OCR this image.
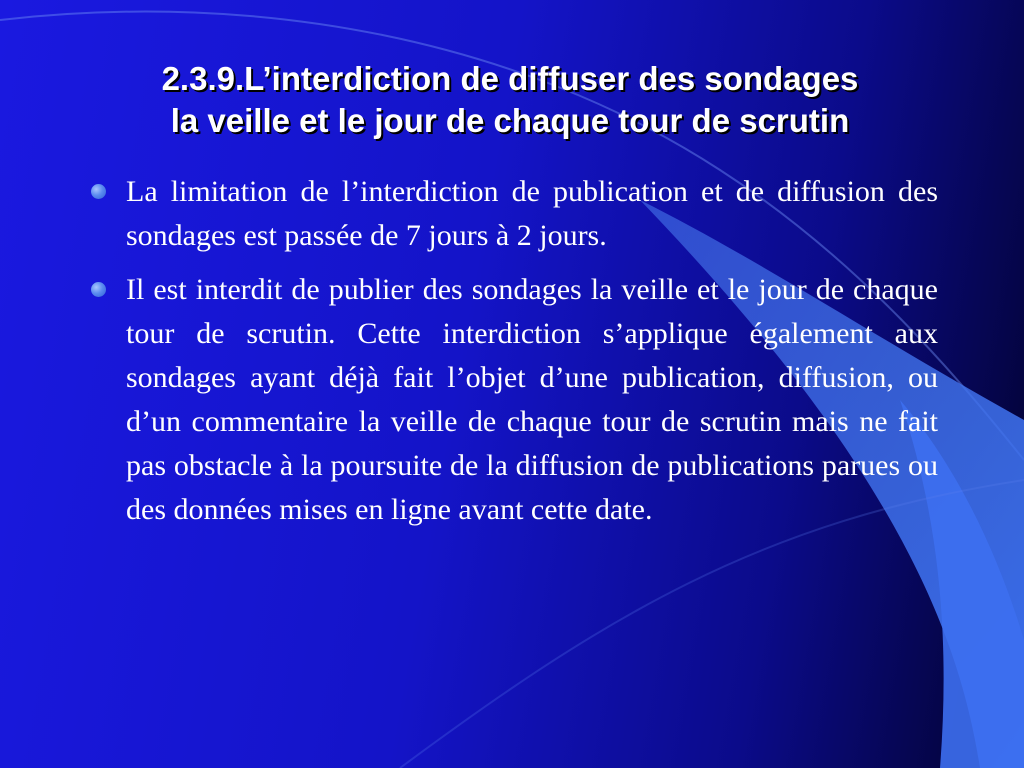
2.3.9.L’interdiction de diffuser des sondages
la veille et le jour de chaque tour de scrutin
La limitation de l’interdiction de publication et de diffusion des sondages est passée de 7 jours à 2 jours.
Il est interdit de publier des sondages la veille et le jour de chaque tour de scrutin. Cette interdiction s’applique également aux sondages ayant déjà fait l’objet d’une publication, diffusion, ou d’un commentaire la veille de chaque tour de scrutin mais ne fait pas obstacle à la poursuite de la diffusion de publications parues ou des données mises en ligne avant cette date.
